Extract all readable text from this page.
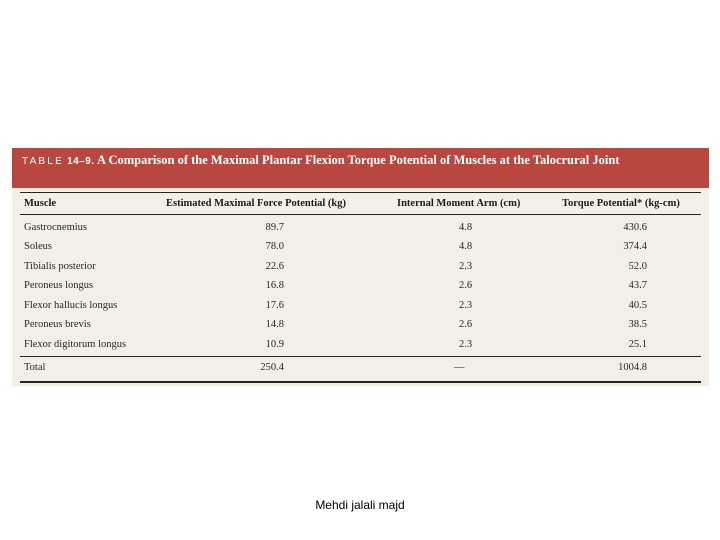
TABLE 14–9. A Comparison of the Maximal Plantar Flexion Torque Potential of Muscles at the Talocrural Joint
Muscle	Estimated Maximal Force Potential (kg)	Internal Moment Arm (cm)	Torque Potential* (kg-cm)
Gastrocnemius	89.7	4.8	430.6
Soleus	78.0	4.8	374.4
Tibialis posterior	22.6	2.3	52.0
Peroneus longus	16.8	2.6	43.7
Flexor hallucis longus	17.6	2.3	40.5
Peroneus brevis	14.8	2.6	38.5
Flexor digitorum longus	10.9	2.3	25.1
Total	250.4	—	1004.8
Mehdi jalali majd
